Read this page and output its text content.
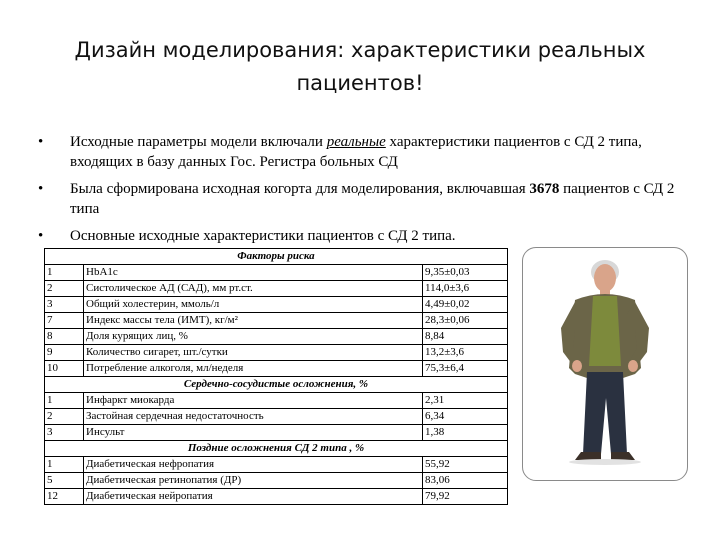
Дизайн моделирования: характеристики реальных пациентов!
• Исходные параметры модели включали реальные характеристики пациентов с СД 2 типа, входящих в базу данных Гос. Регистра больных СД
• Была сформирована исходная когорта для моделирования, включавшая 3678 пациентов с СД 2 типа
• Основные исходные характеристики пациентов с СД 2 типа.
Факторы риска		
1	HbA1c	9,35±0,03
2	Систолическое АД (САД), мм рт.ст.	114,0±3,6
3	Общий холестерин, ммоль/л	4,49±0,02
7	Индекс массы тела (ИМТ), кг/м²	28,3±0,06
8	Доля курящих лиц, %	8,84
9	Количество сигарет, шт./сутки	13,2±3,6
10	Потребление алкоголя, мл/неделя	75,3±6,4
Сердечно-сосудистые осложнения, %		
1	Инфаркт миокарда	2,31
2	Застойная сердечная недостаточность	6,34
3	Инсульт	1,38
Поздние осложнения СД 2 типа , %		
1	Диабетическая нефропатия	55,92
5	Диабетическая ретинопатия (ДР)	83,06
12	Диабетическая нейропатия	79,92
